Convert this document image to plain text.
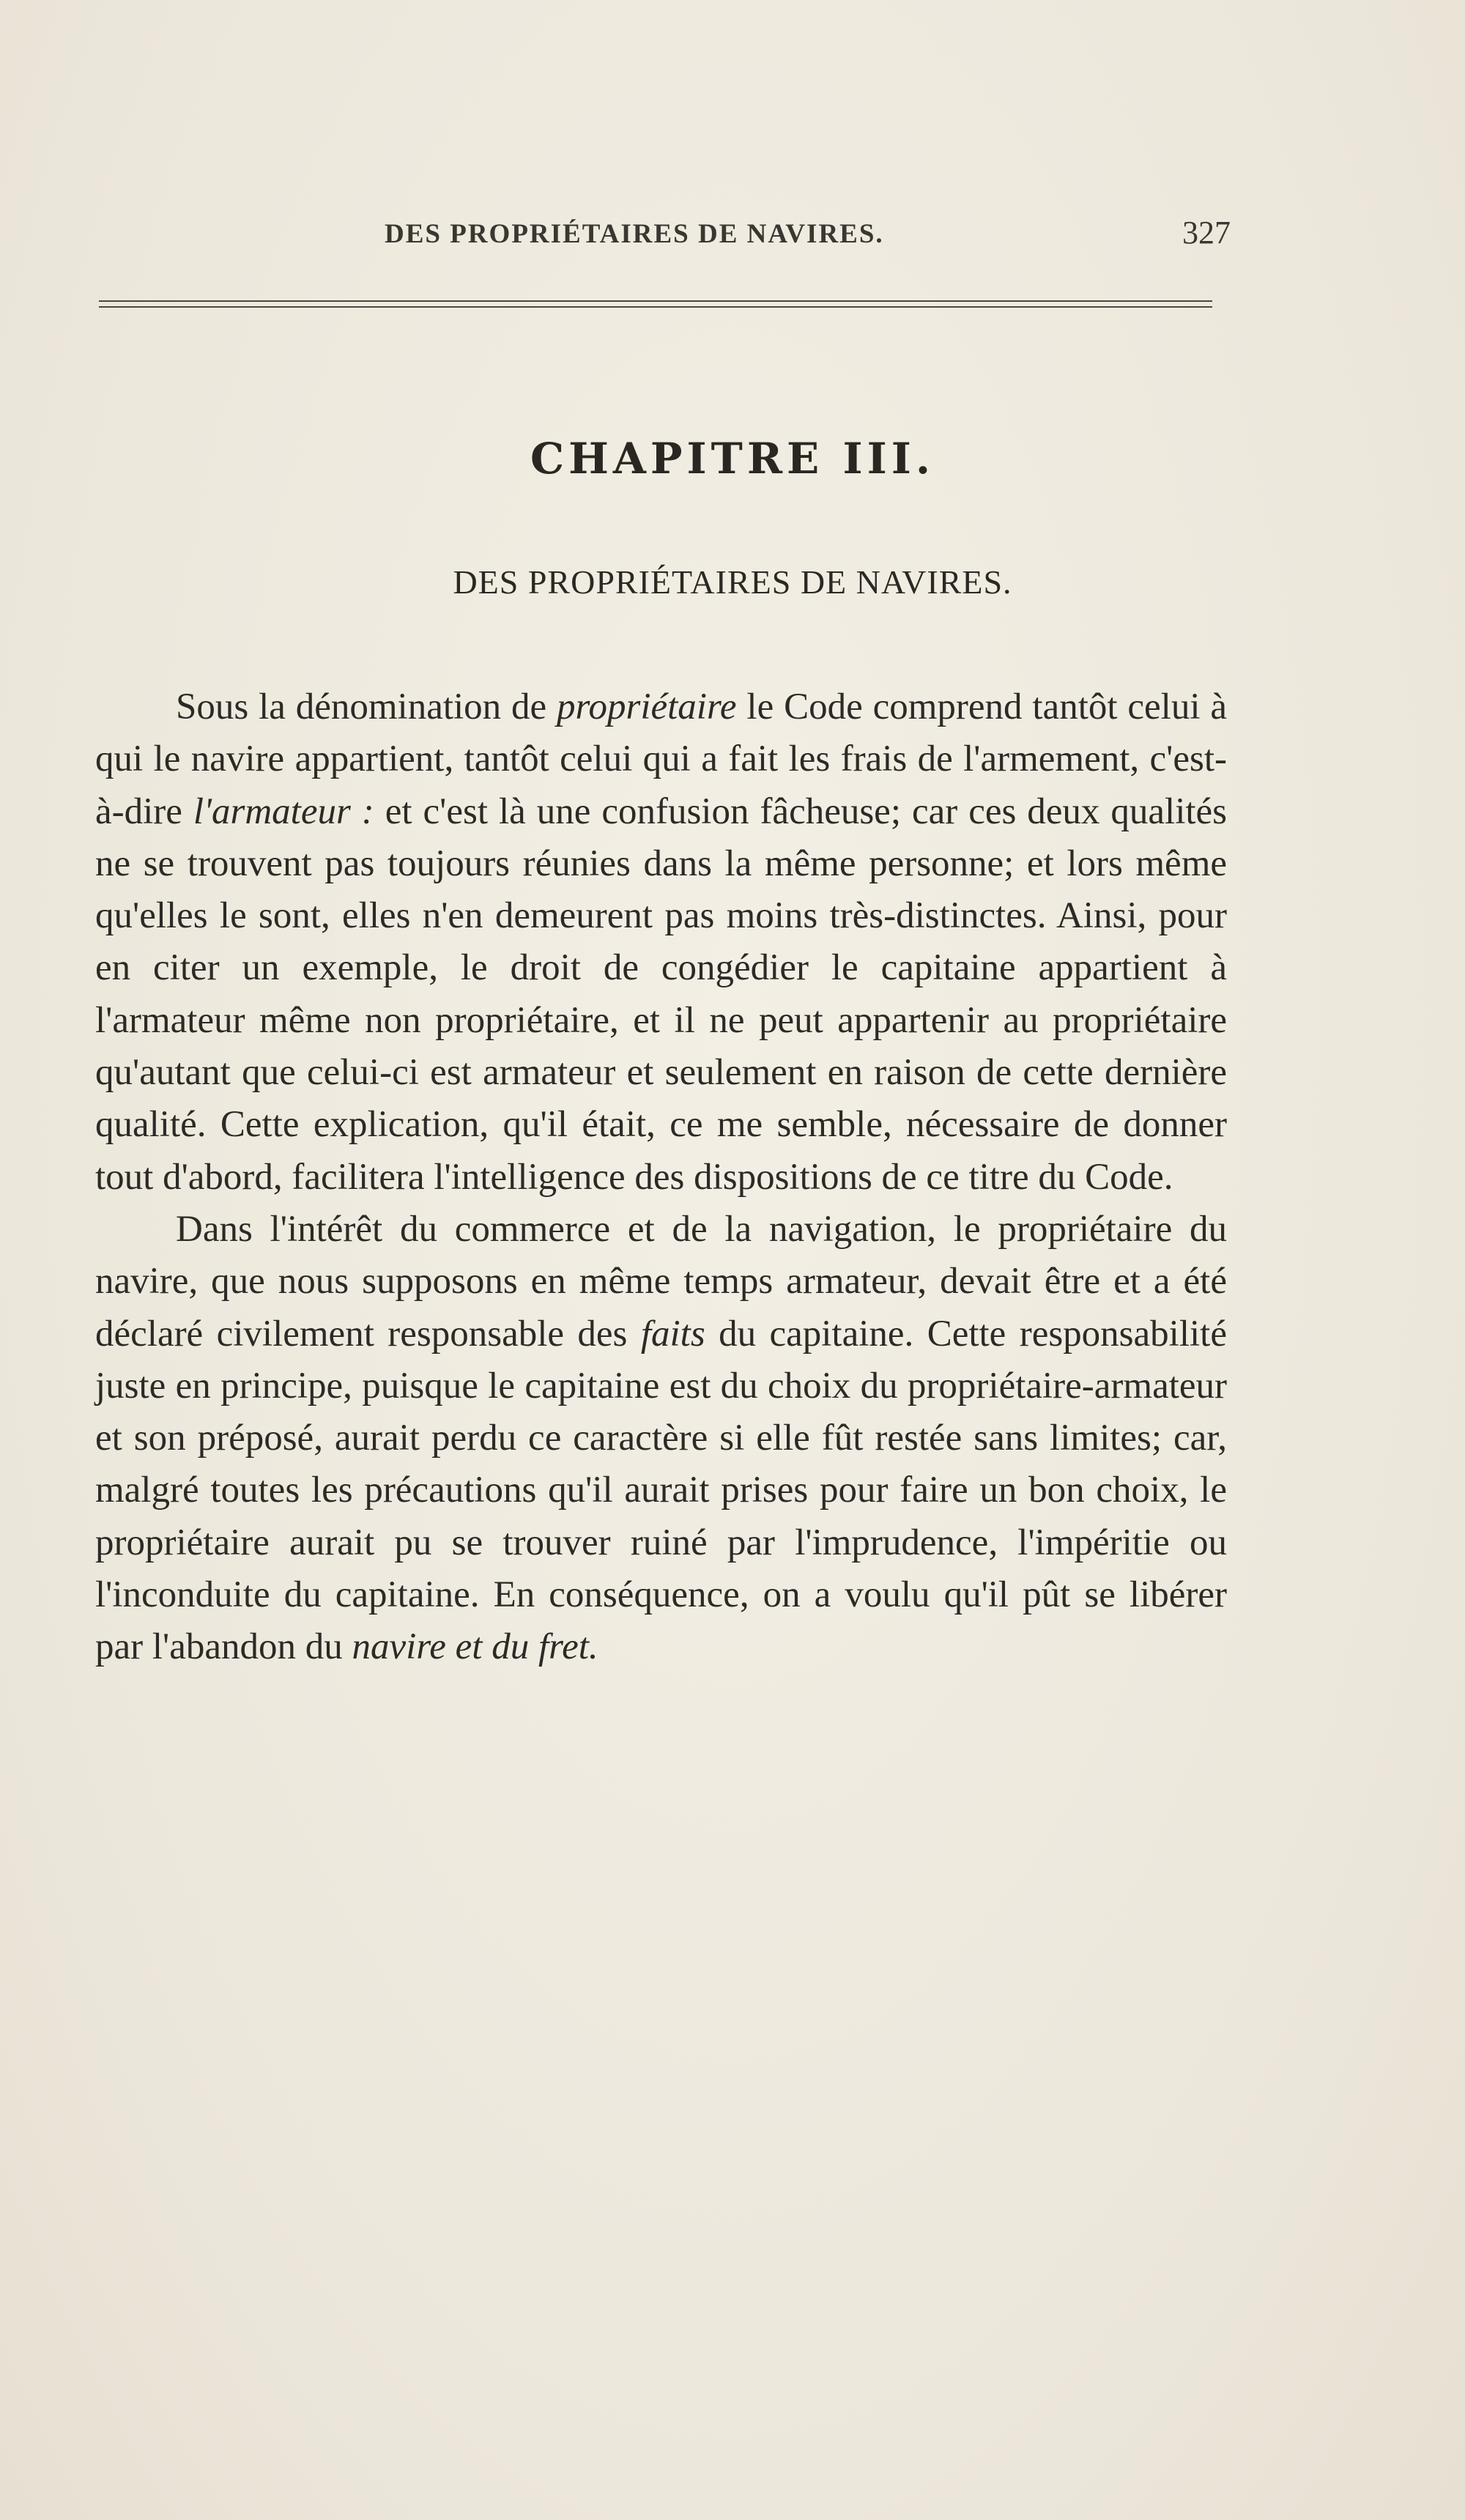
DES PROPRIÉTAIRES DE NAVIRES.	327
CHAPITRE III.
DES PROPRIÉTAIRES DE NAVIRES.

Sous la dénomination de propriétaire le Code comprend tantôt celui à qui le navire appartient, tantôt celui qui a fait les frais de l'armement, c'est-à-dire l'armateur : et c'est là une confusion fâcheuse; car ces deux qualités ne se trouvent pas toujours réunies dans la même personne; et lors même qu'elles le sont, elles n'en demeurent pas moins très-distinctes. Ainsi, pour en citer un exemple, le droit de congédier le capitaine appartient à l'armateur même non propriétaire, et il ne peut appartenir au propriétaire qu'autant que celui-ci est armateur et seulement en raison de cette dernière qualité. Cette explication, qu'il était, ce me semble, nécessaire de donner tout d'abord, facilitera l'intelligence des dispositions de ce titre du Code.

Dans l'intérêt du commerce et de la navigation, le propriétaire du navire, que nous supposons en même temps armateur, devait être et a été déclaré civilement responsable des faits du capitaine. Cette responsabilité juste en principe, puisque le capitaine est du choix du propriétaire-armateur et son préposé, aurait perdu ce caractère si elle fût restée sans limites; car, malgré toutes les précautions qu'il aurait prises pour faire un bon choix, le propriétaire aurait pu se trouver ruiné par l'imprudence, l'impéritie ou l'inconduite du capitaine. En conséquence, on a voulu qu'il pût se libérer par l'abandon du navire et du fret.
